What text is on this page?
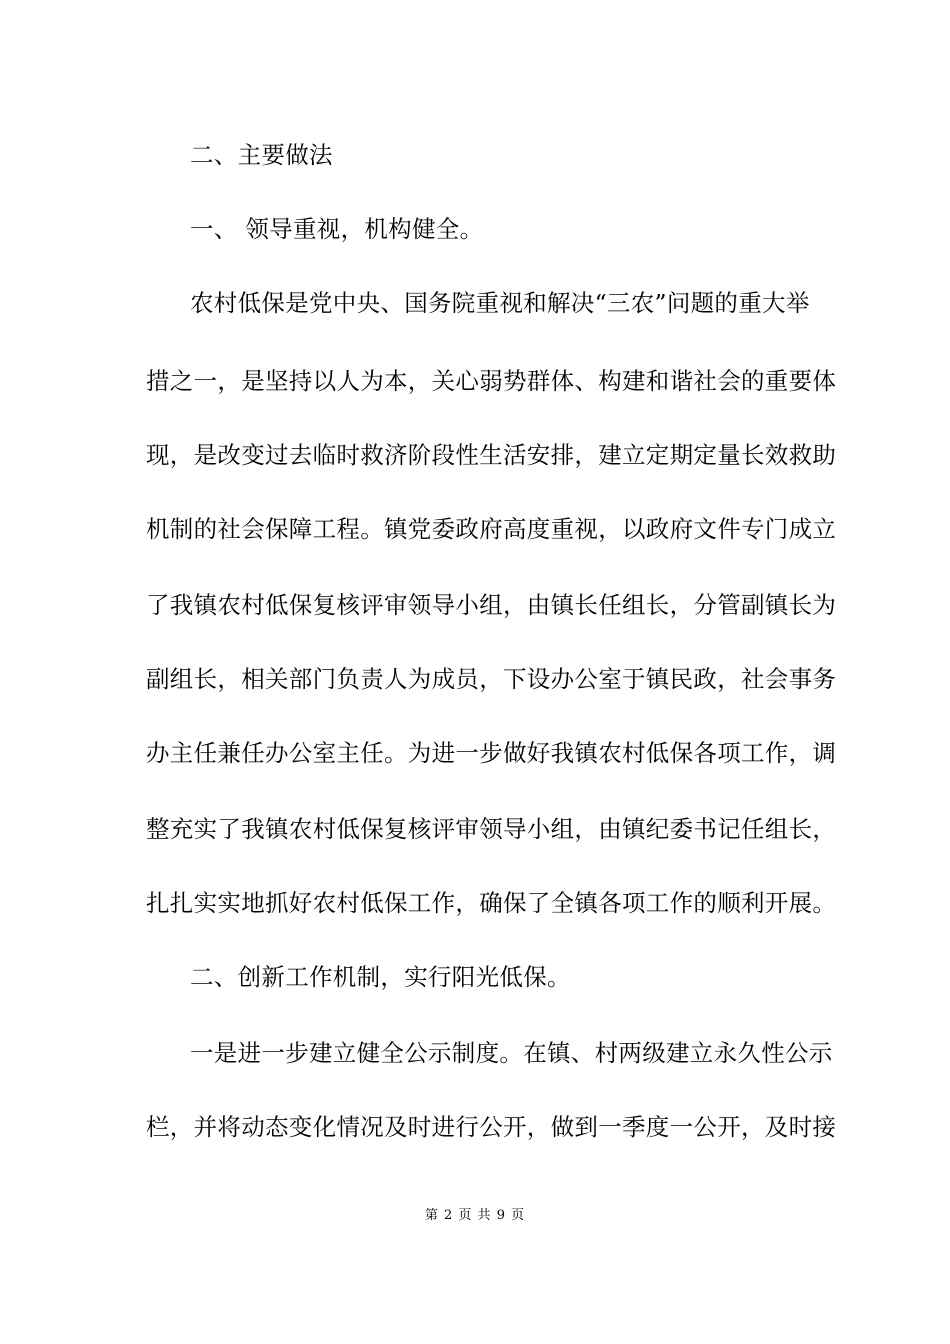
二、主要做法
一、 领导重视，机构健全。
农村低保是党中央、国务院重视和解决“三农”问题的重大举
措之一，是坚持以人为本，关心弱势群体、构建和谐社会的重要体
现，是改变过去临时救济阶段性生活安排，建立定期定量长效救助
机制的社会保障工程。镇党委政府高度重视，以政府文件专门成立
了我镇农村低保复核评审领导小组，由镇长任组长，分管副镇长为
副组长，相关部门负责人为成员，下设办公室于镇民政，社会事务
办主任兼任办公室主任。为进一步做好我镇农村低保各项工作，调
整充实了我镇农村低保复核评审领导小组，由镇纪委书记任组长，
扎扎实实地抓好农村低保工作，确保了全镇各项工作的顺利开展。
二、创新工作机制，实行阳光低保。
一是进一步建立健全公示制度。在镇、村两级建立永久性公示
栏，并将动态变化情况及时进行公开，做到一季度一公开，及时接
第 2 页 共 9 页
